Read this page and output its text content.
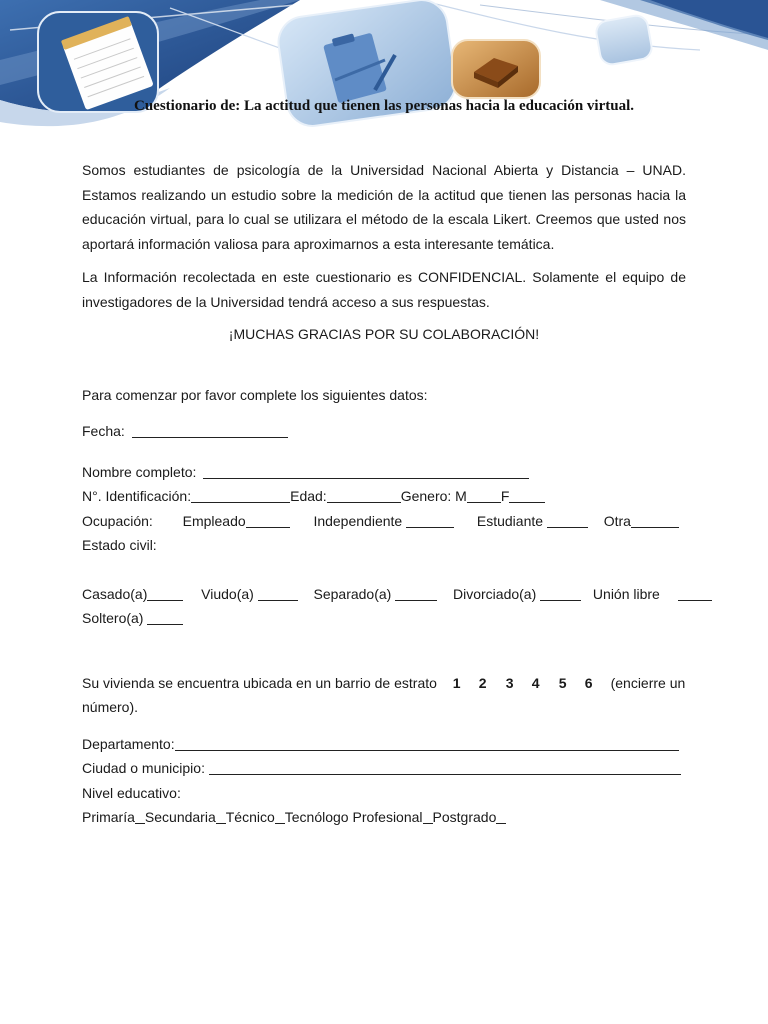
Cuestionario de: La actitud que tienen las personas hacia la educación virtual.

Somos estudiantes de psicología de la Universidad Nacional Abierta y Distancia – UNAD. Estamos realizando un estudio sobre la medición de la actitud que tienen las personas hacia la educación virtual, para lo cual se utilizara el método de la escala Likert. Creemos que usted nos aportará información valiosa para aproximarnos a esta interesante temática.

La Información recolectada en este cuestionario es CONFIDENCIAL. Solamente el equipo de investigadores de la Universidad tendrá acceso a sus respuestas.

¡MUCHAS GRACIAS POR SU COLABORACIÓN!

Para comenzar por favor complete los siguientes datos:
Fecha:
Nombre completo:
N°. Identificación:	Edad:	Genero: M F
Ocupación: Empleado	Independiente	Estudiante	Otra
Estado civil:
Casado(a)	Viudo(a)	Separado(a)	Divorciado(a)	Unión libre
Soltero(a)
Su vivienda se encuentra ubicada en un barrio de estrato 1 2 3 4 5 6 (encierre un
número).
Departamento:
Ciudad o municipio:
Nivel educativo:
Primaría Secundaria Técnico Tecnólogo Profesional Postgrado
